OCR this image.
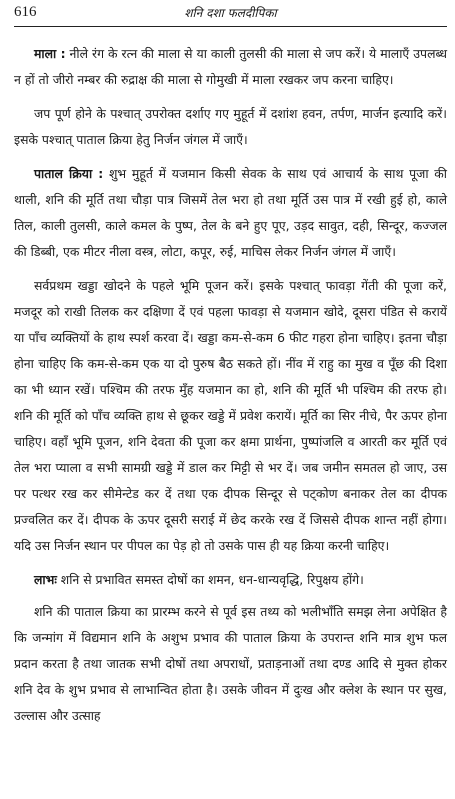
616	शनि दशा फलदीपिका

माला : नीले रंग के रत्न की माला से या काली तुलसी की माला से जप करें। ये मालाएँ उपलब्ध न हों तो जीरो नम्बर की रुद्राक्ष की माला से गोमुखी में माला रखकर जप करना चाहिए।

जप पूर्ण होने के पश्चात् उपरोक्त दर्शाए गए मुहूर्त में दशांश हवन, तर्पण, मार्जन इत्यादि करें। इसके पश्चात् पाताल क्रिया हेतु निर्जन जंगल में जाएँ।

पाताल क्रिया : शुभ मुहूर्त में यजमान किसी सेवक के साथ एवं आचार्य के साथ पूजा की थाली, शनि की मूर्ति तथा चौड़ा पात्र जिसमें तेल भरा हो तथा मूर्ति उस पात्र में रखी हुई हो, काले तिल, काली तुलसी, काले कमल के पुष्प, तेल के बने हुए पूए, उड़द सावुत, दही, सिन्दूर, कज्जल की डिब्बी, एक मीटर नीला वस्त्र, लोटा, कपूर, रुई, माचिस लेकर निर्जन जंगल में जाएँ।

सर्वप्रथम खड्डा खोदने के पहले भूमि पूजन करें। इसके पश्चात् फावड़ा गेंती की पूजा करें, मजदूर को राखी तिलक कर दक्षिणा दें एवं पहला फावड़ा से यजमान खोदे, दूसरा पंडित से करायें या पाँच व्यक्तियों के हाथ स्पर्श करवा दें। खड्डा कम-से-कम 6 फीट गहरा होना चाहिए। इतना चौड़ा होना चाहिए कि कम-से-कम एक या दो पुरुष बैठ सकते हों। नींव में राहु का मुख व पूँछ की दिशा का भी ध्यान रखें। पश्चिम की तरफ मुँह यजमान का हो, शनि की मूर्ति भी पश्चिम की तरफ हो। शनि की मूर्ति को पाँच व्यक्ति हाथ से छूकर खड्डे में प्रवेश करायें। मूर्ति का सिर नीचे, पैर ऊपर होना चाहिए। वहाँ भूमि पूजन, शनि देवता की पूजा कर क्षमा प्रार्थना, पुष्पांजलि व आरती कर मूर्ति एवं तेल भरा प्याला व सभी सामग्री खड्डे में डाल कर मिट्टी से भर दें। जब जमीन समतल हो जाए, उस पर पत्थर रख कर सीमेन्टेड कर दें तथा एक दीपक सिन्दूर से पट्कोण बनाकर तेल का दीपक प्रज्वलित कर दें। दीपक के ऊपर दूसरी सराई में छेद करके रख दें जिससे दीपक शान्त नहीं होगा। यदि उस निर्जन स्थान पर पीपल का पेड़ हो तो उसके पास ही यह क्रिया करनी चाहिए।

लाभः शनि से प्रभावित समस्त दोषों का शमन, धन-धान्यवृद्धि, रिपुक्षय होंगे।

शनि की पाताल क्रिया का प्रारम्भ करने से पूर्व इस तथ्य को भलीभाँति समझ लेना अपेक्षित है कि जन्मांग में विद्यमान शनि के अशुभ प्रभाव की पाताल क्रिया के उपरान्त शनि मात्र शुभ फल प्रदान करता है तथा जातक सभी दोषों तथा अपराधों, प्रताड़नाओं तथा दण्ड आदि से मुक्त होकर शनि देव के शुभ प्रभाव से लाभान्वित होता है। उसके जीवन में दुःख और क्लेश के स्थान पर सुख, उल्लास और उत्साह
